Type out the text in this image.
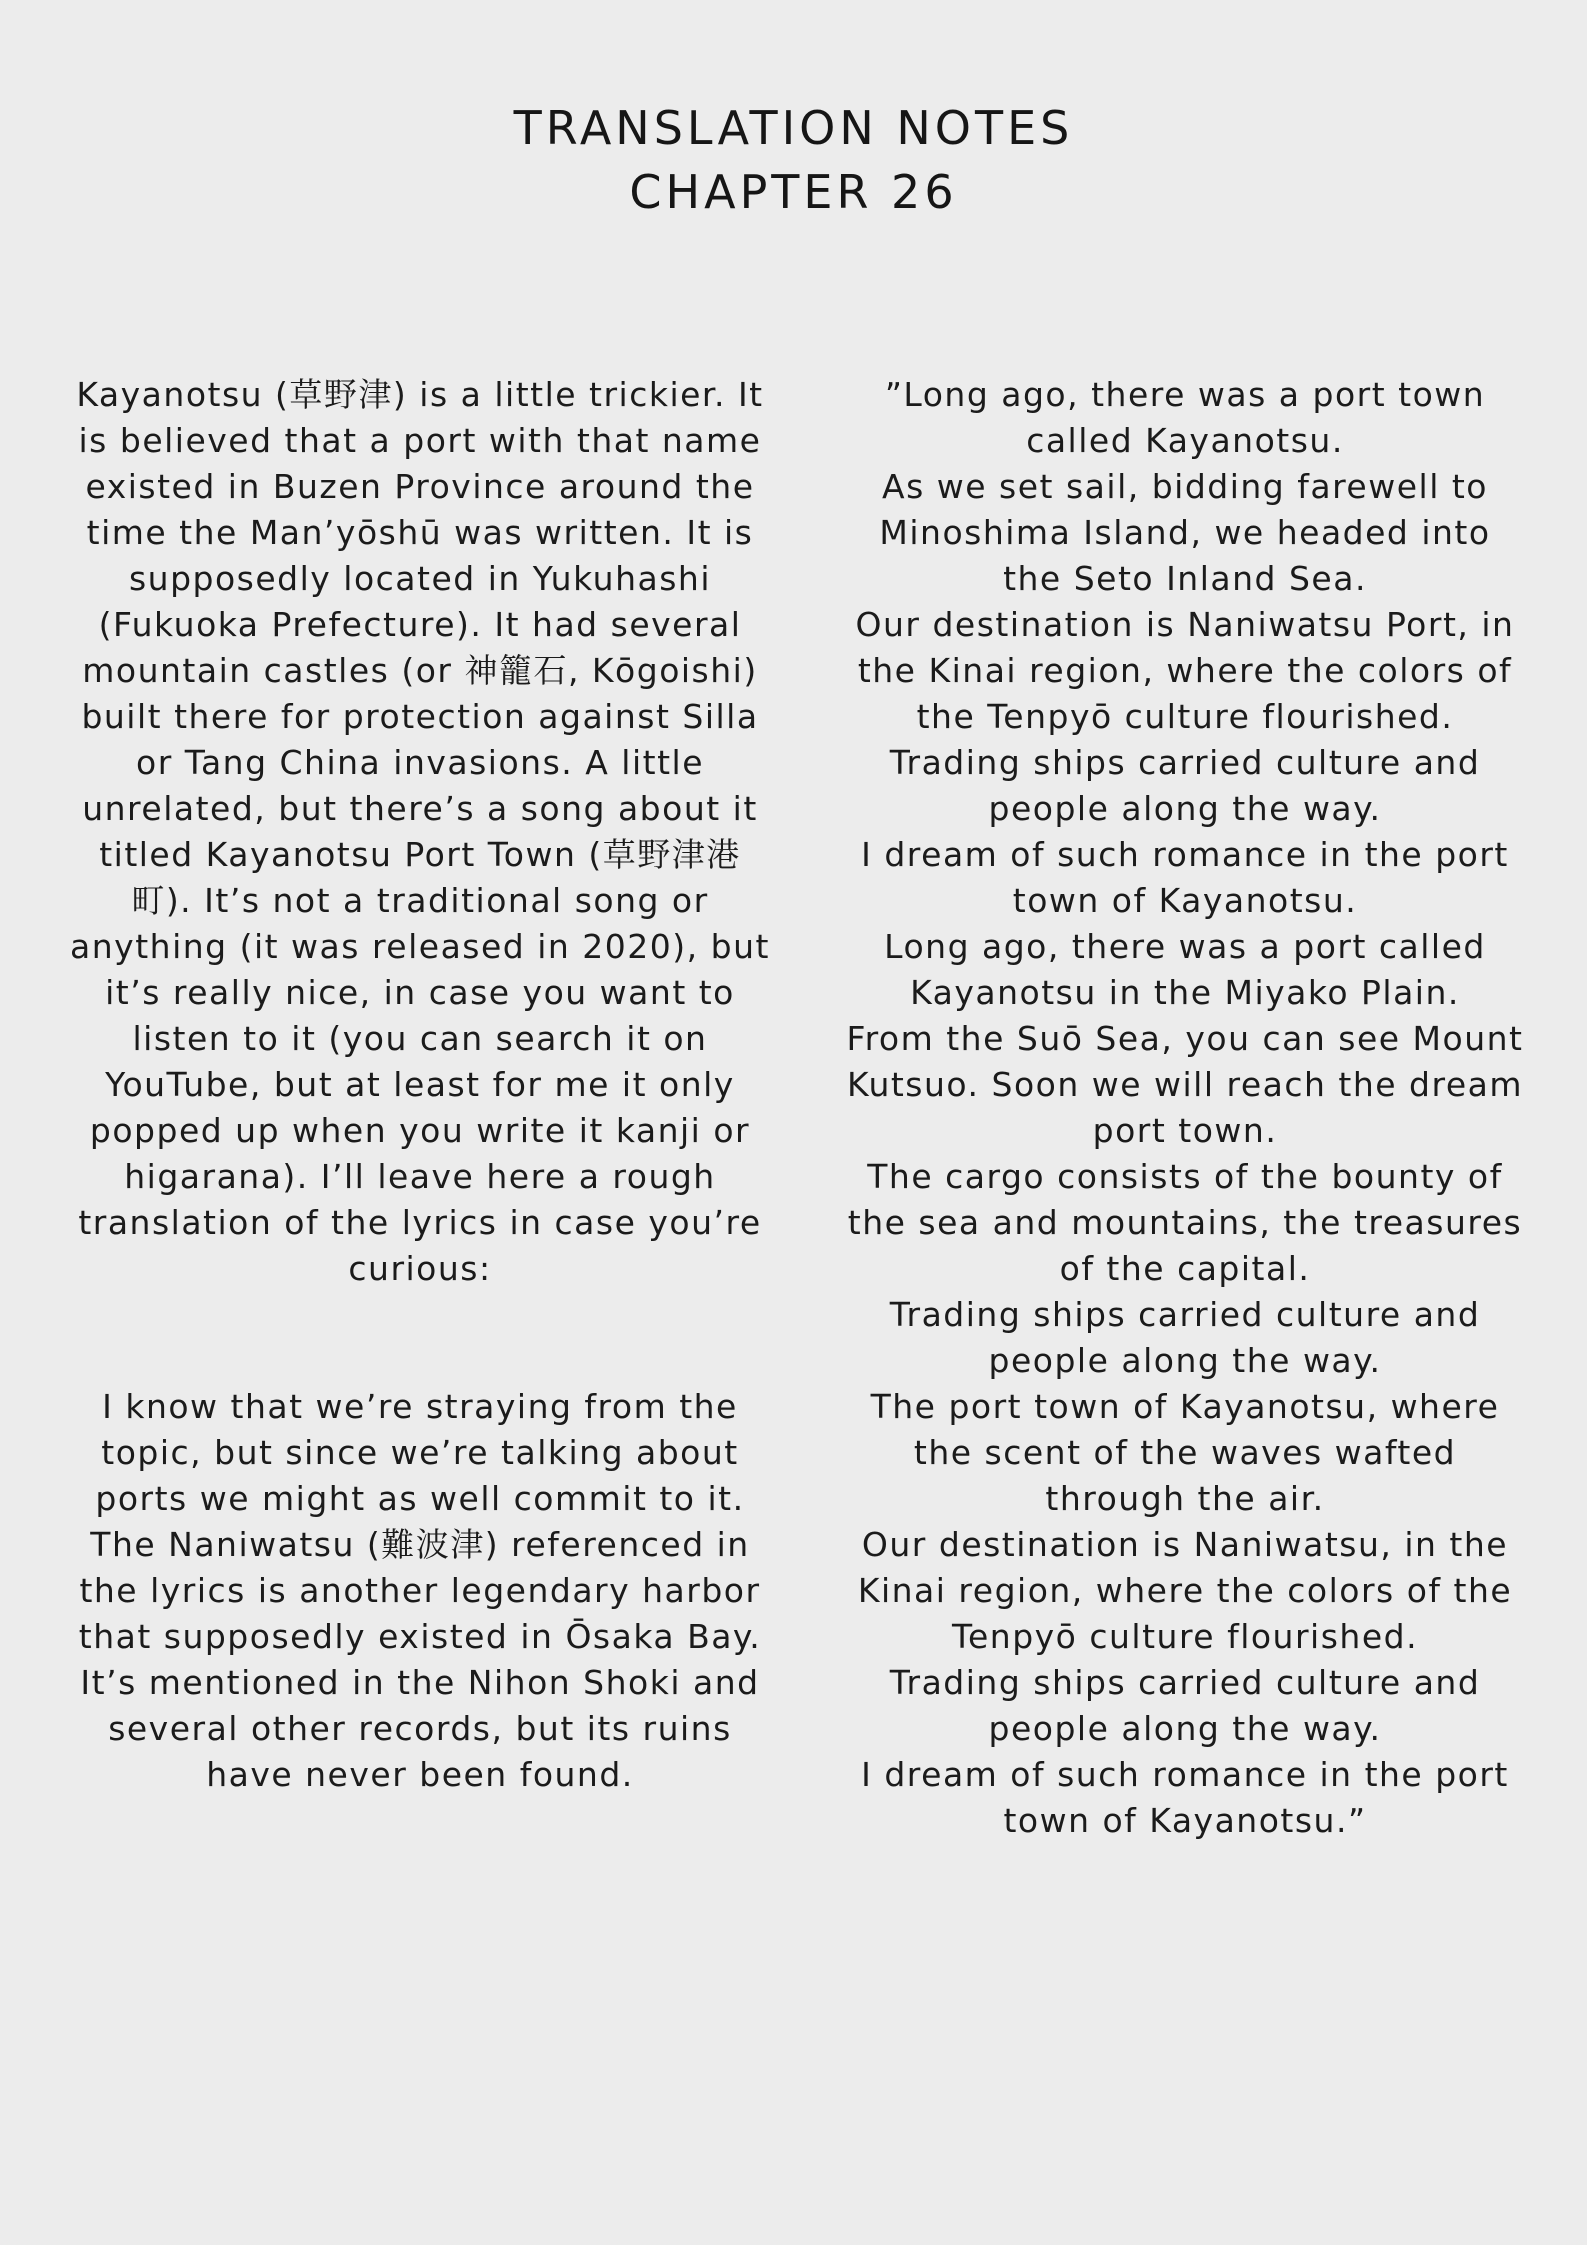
TRANSLATION NOTES
CHAPTER 26

Kayanotsu (草野津) is a little trickier. It is believed that a port with that name existed in Buzen Province around the time the Man’yōshū was written. It is supposedly located in Yukuhashi (Fukuoka Prefecture). It had several mountain castles (or 神籠石, Kōgoishi) built there for protection against Silla or Tang China invasions. A little unrelated, but there’s a song about it titled Kayanotsu Port Town (草野津港町). It’s not a traditional song or anything (it was released in 2020), but it’s really nice, in case you want to listen to it (you can search it on YouTube, but at least for me it only popped up when you write it kanji or higarana). I’ll leave here a rough translation of the lyrics in case you’re curious:

I know that we’re straying from the topic, but since we’re talking about ports we might as well commit to it. The Naniwatsu (難波津) referenced in the lyrics is another legendary harbor that supposedly existed in Ōsaka Bay. It’s mentioned in the Nihon Shoki and several other records, but its ruins have never been found.

”Long ago, there was a port town called Kayanotsu.
As we set sail, bidding farewell to Minoshima Island, we headed into the Seto Inland Sea.
Our destination is Naniwatsu Port, in the Kinai region, where the colors of the Tenpyō culture flourished.
Trading ships carried culture and people along the way.
I dream of such romance in the port town of Kayanotsu.
Long ago, there was a port called Kayanotsu in the Miyako Plain.
From the Suō Sea, you can see Mount Kutsuo. Soon we will reach the dream port town.
The cargo consists of the bounty of the sea and mountains, the treasures of the capital.
Trading ships carried culture and people along the way.
The port town of Kayanotsu, where the scent of the waves wafted through the air.
Our destination is Naniwatsu, in the Kinai region, where the colors of the Tenpyō culture flourished.
Trading ships carried culture and people along the way.
I dream of such romance in the port town of Kayanotsu.”
